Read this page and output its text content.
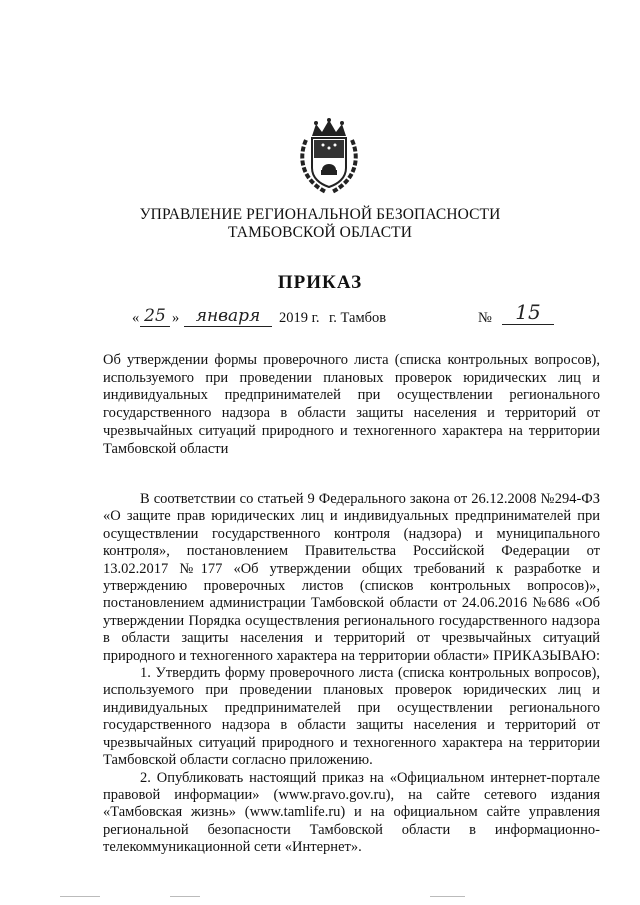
УПРАВЛЕНИЕ РЕГИОНАЛЬНОЙ БЕЗОПАСНОСТИ
ТАМБОВСКОЙ ОБЛАСТИ
ПРИКАЗ
« 25 » января	2019 г. г. Тамбов	№	15
Об утверждении формы проверочного листа (списка контрольных вопросов),
используемого при проведении плановых проверок юридических лиц и
индивидуальных предпринимателей при осуществлении регионального
государственного надзора в области защиты населения и территорий от
чрезвычайных ситуаций природного и техногенного характера на территории
Тамбовской области
В соответствии со статьей 9 Федерального закона от 26.12.2008 №294-ФЗ
«О защите прав юридических лиц и индивидуальных предпринимателей при
осуществлении государственного контроля (надзора) и муниципального
контроля», постановлением Правительства Российской Федерации от
13.02.2017 №177 «Об утверждении общих требований к разработке и
утверждению проверочных листов (списков контрольных вопросов)»,
постановлением администрации Тамбовской области от 24.06.2016 №686 «Об
утверждении Порядка осуществления регионального государственного надзора
в области защиты населения и территорий от чрезвычайных ситуаций
природного и техногенного характера на территории области» ПРИКАЗЫВАЮ:
1. Утвердить форму проверочного листа (списка контрольных вопросов),
используемого при проведении плановых проверок юридических лиц и
индивидуальных предпринимателей при осуществлении регионального
государственного надзора в области защиты населения и территорий от
чрезвычайных ситуаций природного и техногенного характера на территории
Тамбовской области согласно приложению.
2. Опубликовать настоящий приказ на «Официальном интернет-портале
правовой информации» (www.pravo.gov.ru), на сайте сетевого издания
«Тамбовская жизнь» (www.tamlife.ru) и на официальном сайте управления
региональной безопасности Тамбовской области в информационно-
телекоммуникационной сети «Интернет».
